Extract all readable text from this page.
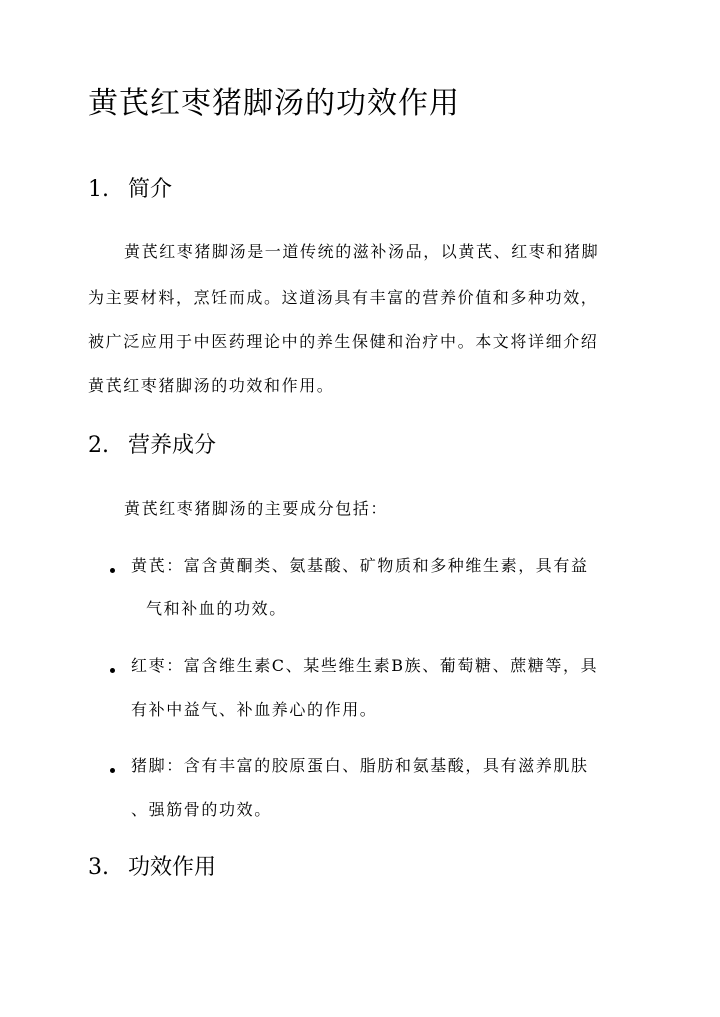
黄芪红枣猪脚汤的功效作用
1. 简介

黄芪红枣猪脚汤是一道传统的滋补汤品，以黄芪、红枣和猪脚

为主要材料，烹饪而成。这道汤具有丰富的营养价值和多种功效，

被广泛应用于中医药理论中的养生保健和治疗中。本文将详细介绍

黄芪红枣猪脚汤的功效和作用。

2. 营养成分

黄芪红枣猪脚汤的主要成分包括：

黄芪：富含黄酮类、氨基酸、矿物质和多种维生素，具有益

气和补血的功效。

红枣：富含维生素C、某些维生素B族、葡萄糖、蔗糖等，具

有补中益气、补血养心的作用。

猪脚：含有丰富的胶原蛋白、脂肪和氨基酸，具有滋养肌肤

、强筋骨的功效。

3. 功效作用
